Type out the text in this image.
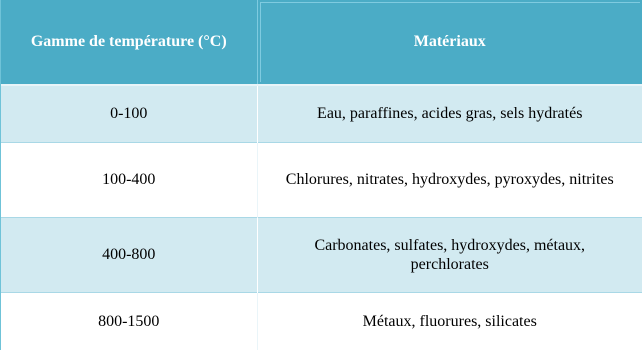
Gamme de température (°C)	Matériaux
0-100	Eau, paraffines, acides gras, sels hydratés
100-400	Chlorures, nitrates, hydroxydes, pyroxydes, nitrites
400-800	Carbonates, sulfates, hydroxydes, métaux, perchlorates
800-1500	Métaux, fluorures, silicates
